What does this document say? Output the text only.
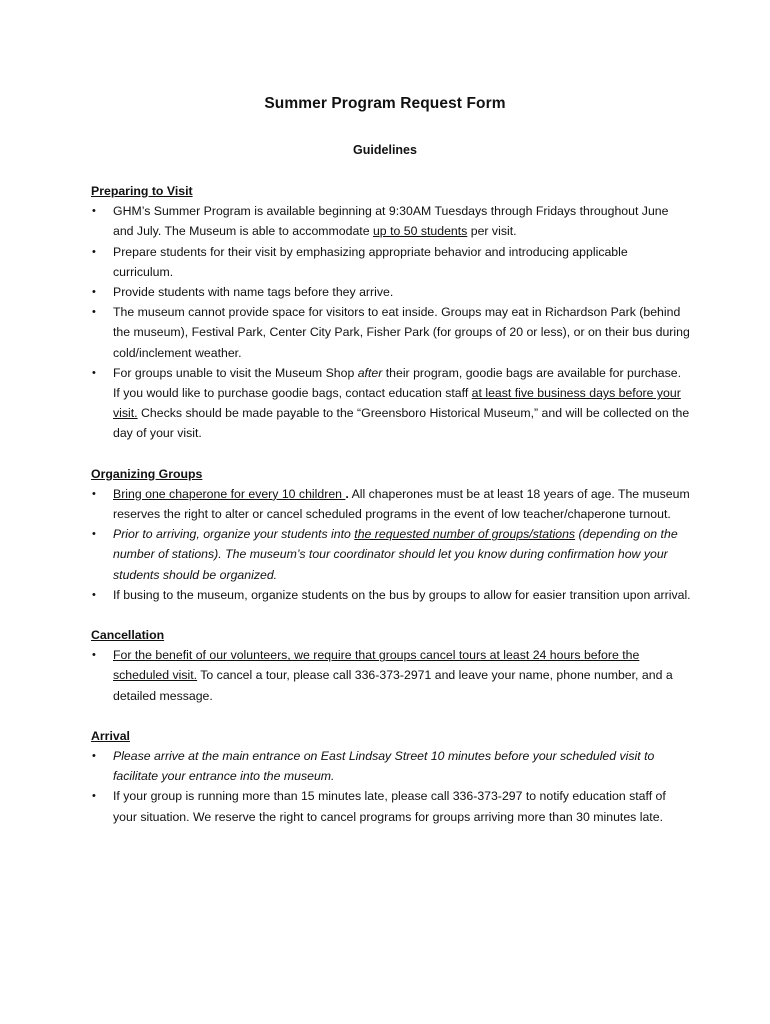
Summer Program Request Form
Guidelines
Preparing to Visit
• GHM’s Summer Program is available beginning at 9:30AM Tuesdays through Fridays throughout June and July. The Museum is able to accommodate up to 50 students per visit.
• Prepare students for their visit by emphasizing appropriate behavior and introducing applicable curriculum.
• Provide students with name tags before they arrive.
• The museum cannot provide space for visitors to eat inside. Groups may eat in Richardson Park (behind the museum), Festival Park, Center City Park, Fisher Park (for groups of 20 or less), or on their bus during cold/inclement weather.
• For groups unable to visit the Museum Shop after their program, goodie bags are available for purchase. If you would like to purchase goodie bags, contact education staff at least five business days before your visit. Checks should be made payable to the “Greensboro Historical Museum,” and will be collected on the day of your visit.
Organizing Groups
• Bring one chaperone for every 10 children . All chaperones must be at least 18 years of age. The museum reserves the right to alter or cancel scheduled programs in the event of low teacher/chaperone turnout.
• Prior to arriving, organize your students into the requested number of groups/stations (depending on the number of stations). The museum’s tour coordinator should let you know during confirmation how your students should be organized.
• If busing to the museum, organize students on the bus by groups to allow for easier transition upon arrival.
Cancellation
• For the benefit of our volunteers, we require that groups cancel tours at least 24 hours before the scheduled visit. To cancel a tour, please call 336-373-2971 and leave your name, phone number, and a detailed message.
Arrival
• Please arrive at the main entrance on East Lindsay Street 10 minutes before your scheduled visit to facilitate your entrance into the museum.
• If your group is running more than 15 minutes late, please call 336-373-297 to notify education staff of your situation. We reserve the right to cancel programs for groups arriving more than 30 minutes late.
